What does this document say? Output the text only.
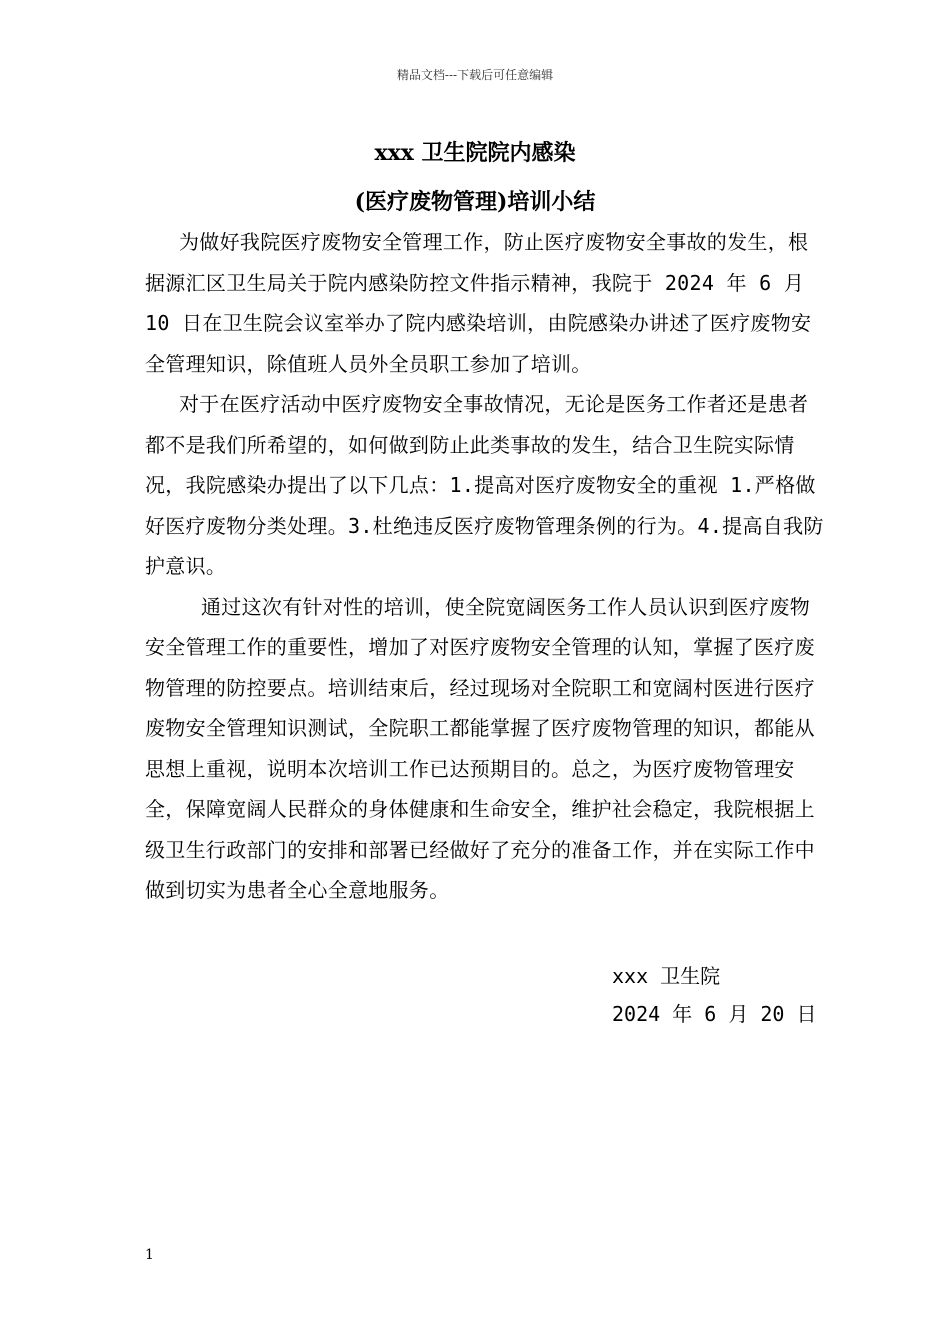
精品文档---下载后可任意编辑
xxx 卫生院院内感染
(医疗废物管理)培训小结

为做好我院医疗废物安全管理工作，防止医疗废物安全事故的发生，根据源汇区卫生局关于院内感染防控文件指示精神，我院于 2024 年 6 月 10 日在卫生院会议室举办了院内感染培训，由院感染办讲述了医疗废物安全管理知识，除值班人员外全员职工参加了培训。

对于在医疗活动中医疗废物安全事故情况，无论是医务工作者还是患者都不是我们所希望的，如何做到防止此类事故的发生，结合卫生院实际情况，我院感染办提出了以下几点：1.提高对医疗废物安全的重视 1.严格做好医疗废物分类处理。3.杜绝违反医疗废物管理条例的行为。4.提高自我防护意识。

通过这次有针对性的培训，使全院宽阔医务工作人员认识到医疗废物安全管理工作的重要性，增加了对医疗废物安全管理的认知，掌握了医疗废物管理的防控要点。培训结束后，经过现场对全院职工和宽阔村医进行医疗废物安全管理知识测试，全院职工都能掌握了医疗废物管理的知识，都能从思想上重视，说明本次培训工作已达预期目的。总之，为医疗废物管理安全，保障宽阔人民群众的身体健康和生命安全，维护社会稳定，我院根据上级卫生行政部门的安排和部署已经做好了充分的准备工作，并在实际工作中做到切实为患者全心全意地服务。

xxx 卫生院
2024 年 6 月 20 日
1
